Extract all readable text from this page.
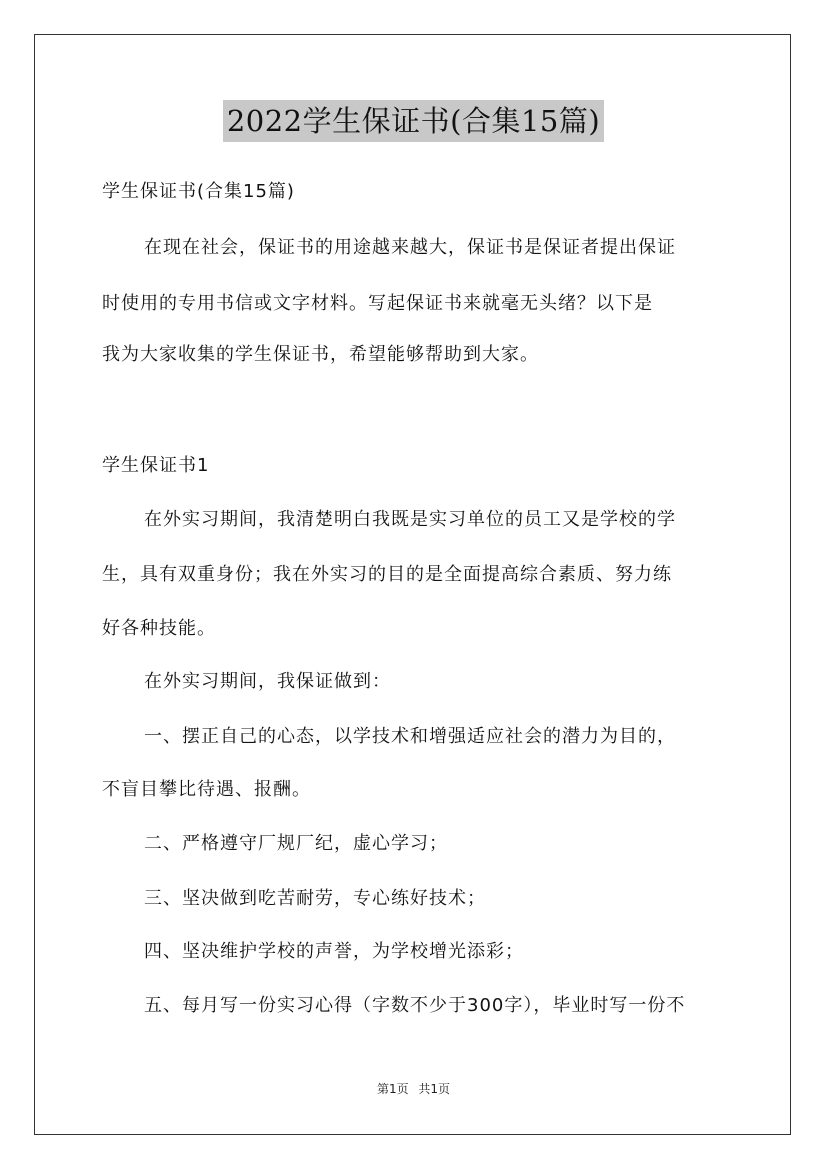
2022学生保证书(合集15篇)
学生保证书(合集15篇)
在现在社会，保证书的用途越来越大，保证书是保证者提出保证
时使用的专用书信或文字材料。写起保证书来就毫无头绪？以下是
我为大家收集的学生保证书，希望能够帮助到大家。
学生保证书1
在外实习期间，我清楚明白我既是实习单位的员工又是学校的学
生，具有双重身份；我在外实习的目的是全面提高综合素质、努力练
好各种技能。
在外实习期间，我保证做到：
一、摆正自己的心态，以学技术和增强适应社会的潜力为目的，
不盲目攀比待遇、报酬。
二、严格遵守厂规厂纪，虚心学习；
三、坚决做到吃苦耐劳，专心练好技术；
四、坚决维护学校的声誉，为学校增光添彩；
五、每月写一份实习心得（字数不少于300字），毕业时写一份不
第1页 共1页
